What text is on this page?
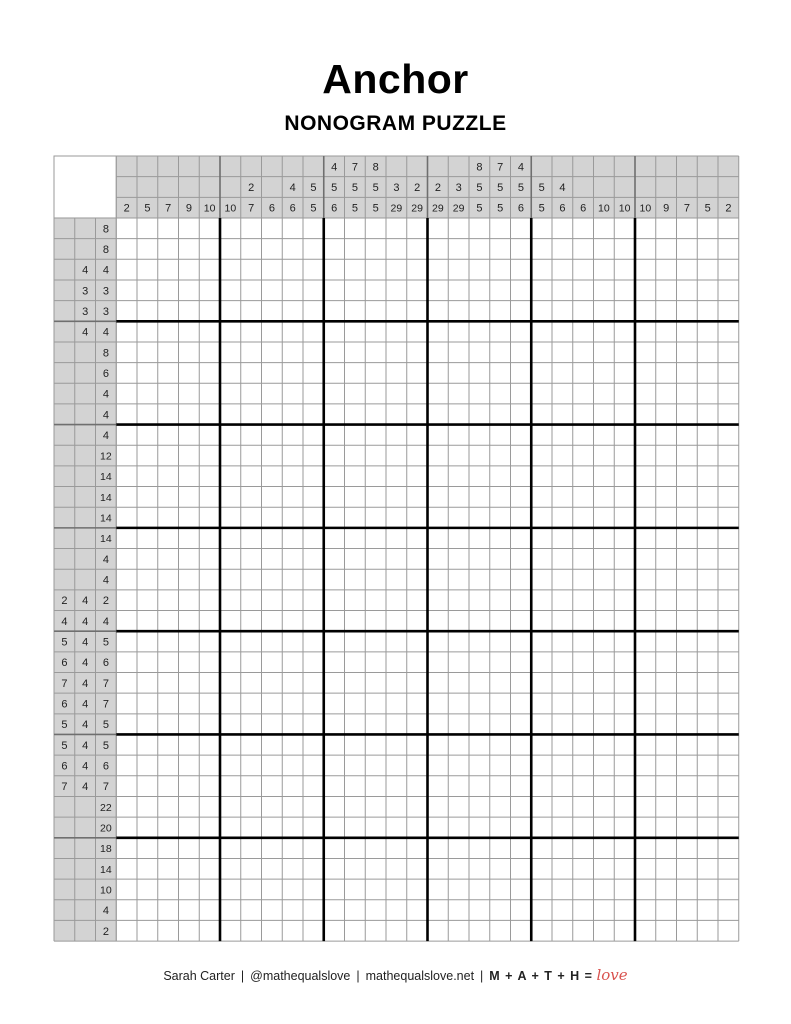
Anchor
NONOGRAM PUZZLE
2 5 7 9 10 10
2
7 6
4
6
5
5
4
5
6
7
5
5
8
5
5
3
29
2
29
2
29
3
29
8
5
5
7
5
5
4
5
6
5
5
4
6 6 10 10 10 9 7 5 2
8
8
4 4
3 3
3 3
4 4
8
6
4
4
4
12
14
14
14
14
4
4
2 4 2
4 4 4
5 4 5
6 4 6
7 4 7
6 4 7
5 4 5
5 4 5
6 4 6
7 4 7
22
20
18
14
10
4
2
Sarah Carter | @mathequalslove | mathequalslove.net | M + A + T + H = love
